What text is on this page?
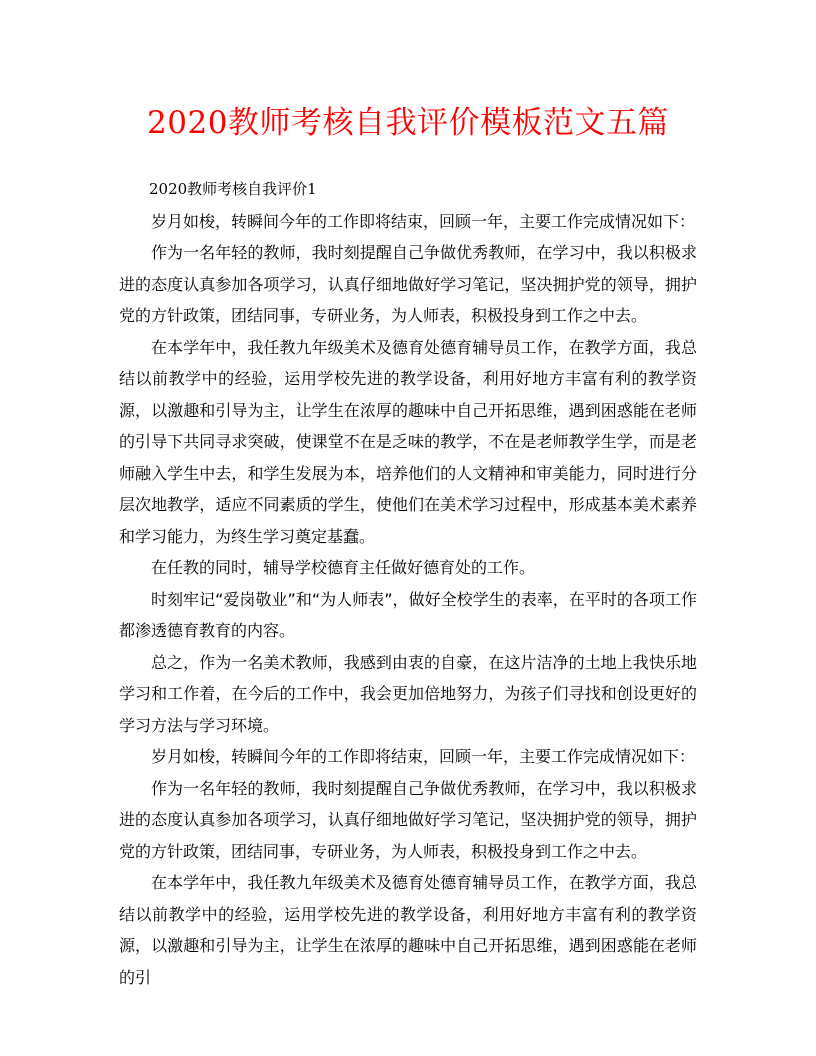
2020教师考核自我评价模板范文五篇

2020教师考核自我评价1

岁月如梭，转瞬间今年的工作即将结束，回顾一年，主要工作完成情况如下：

作为一名年轻的教师，我时刻提醒自己争做优秀教师，在学习中，我以积极求进的态度认真参加各项学习，认真仔细地做好学习笔记，坚决拥护党的领导，拥护党的方针政策，团结同事，专研业务，为人师表，积极投身到工作之中去。

在本学年中，我任教九年级美术及德育处德育辅导员工作，在教学方面，我总结以前教学中的经验，运用学校先进的教学设备，利用好地方丰富有利的教学资源，以激趣和引导为主，让学生在浓厚的趣味中自己开拓思维，遇到困惑能在老师的引导下共同寻求突破，使课堂不在是乏味的教学，不在是老师教学生学，而是老师融入学生中去，和学生发展为本，培养他们的人文精神和审美能力，同时进行分层次地教学，适应不同素质的学生，使他们在美术学习过程中，形成基本美术素养和学习能力，为终生学习奠定基蠢。

在任教的同时，辅导学校德育主任做好德育处的工作。

时刻牢记“爱岗敬业”和“为人师表”，做好全校学生的表率，在平时的各项工作都渗透德育教育的内容。

总之，作为一名美术教师，我感到由衷的自豪，在这片洁净的土地上我快乐地学习和工作着，在今后的工作中，我会更加倍地努力，为孩子们寻找和创设更好的学习方法与学习环境。

岁月如梭，转瞬间今年的工作即将结束，回顾一年，主要工作完成情况如下：

作为一名年轻的教师，我时刻提醒自己争做优秀教师，在学习中，我以积极求进的态度认真参加各项学习，认真仔细地做好学习笔记，坚决拥护党的领导，拥护党的方针政策，团结同事，专研业务，为人师表，积极投身到工作之中去。

在本学年中，我任教九年级美术及德育处德育辅导员工作，在教学方面，我总结以前教学中的经验，运用学校先进的教学设备，利用好地方丰富有利的教学资源，以激趣和引导为主，让学生在浓厚的趣味中自己开拓思维，遇到困惑能在老师的引
